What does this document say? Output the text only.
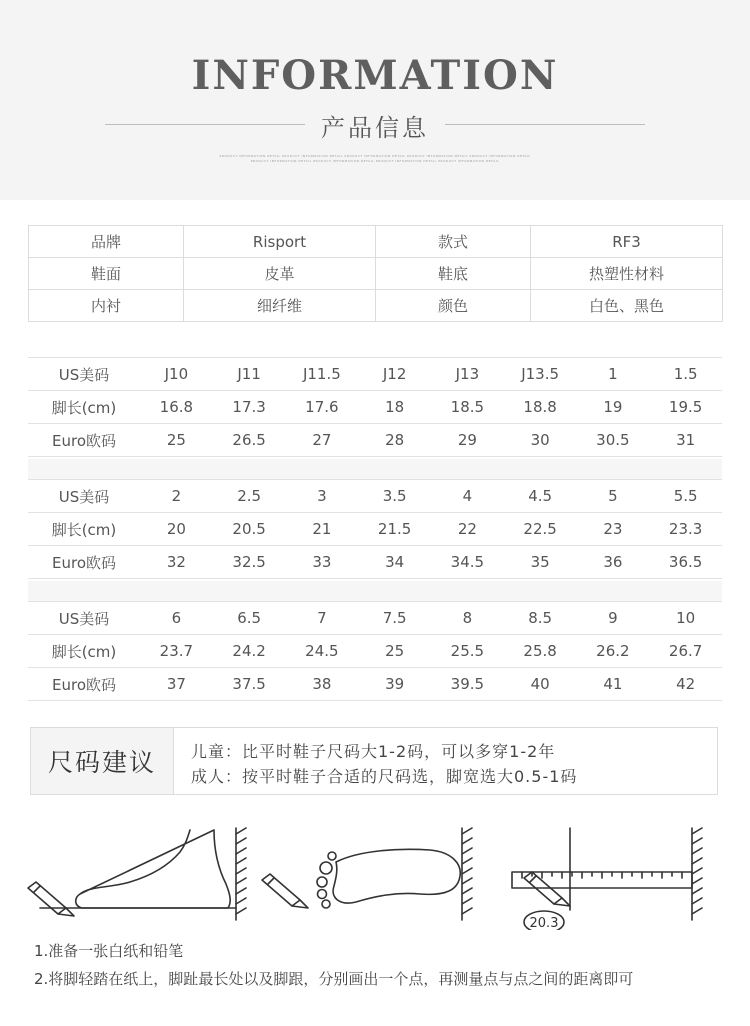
INFORMATION
产品信息
PRODUCT INFORMATION DETAIL PRODUCT INFORMATION DETAIL PRODUCT INFORMATION DETAIL PRODUCT INFORMATION DETAIL PRODUCT INFORMATION DETAIL PRODUCT INFORMATION DETAIL PRODUCT INFORMATION DETAIL PRODUCT INFORMATION DETAIL PRODUCT INFORMATION DETAIL
品牌	Risport	款式	RF3
鞋面	皮革	鞋底	热塑性材料
内衬	细纤维	颜色	白色、黑色
US美码	J10	J11	J11.5	J12	J13	J13.5	1	1.5
脚长(cm)	16.8	17.3	17.6	18	18.5	18.8	19	19.5
Euro欧码	25	26.5	27	28	29	30	30.5	31
US美码	2	2.5	3	3.5	4	4.5	5	5.5
脚长(cm)	20	20.5	21	21.5	22	22.5	23	23.3
Euro欧码	32	32.5	33	34	34.5	35	36	36.5
US美码	6	6.5	7	7.5	8	8.5	9	10
脚长(cm)	23.7	24.2	24.5	25	25.5	25.8	26.2	26.7
Euro欧码	37	37.5	38	39	39.5	40	41	42
尺码建议	儿童：比平时鞋子尺码大1-2码，可以多穿1-2年
成人：按平时鞋子合适的尺码选，脚宽选大0.5-1码
20.3
1.准备一张白纸和铅笔
2.将脚轻踏在纸上，脚趾最长处以及脚跟，分别画出一个点，再测量点与点之间的距离即可
